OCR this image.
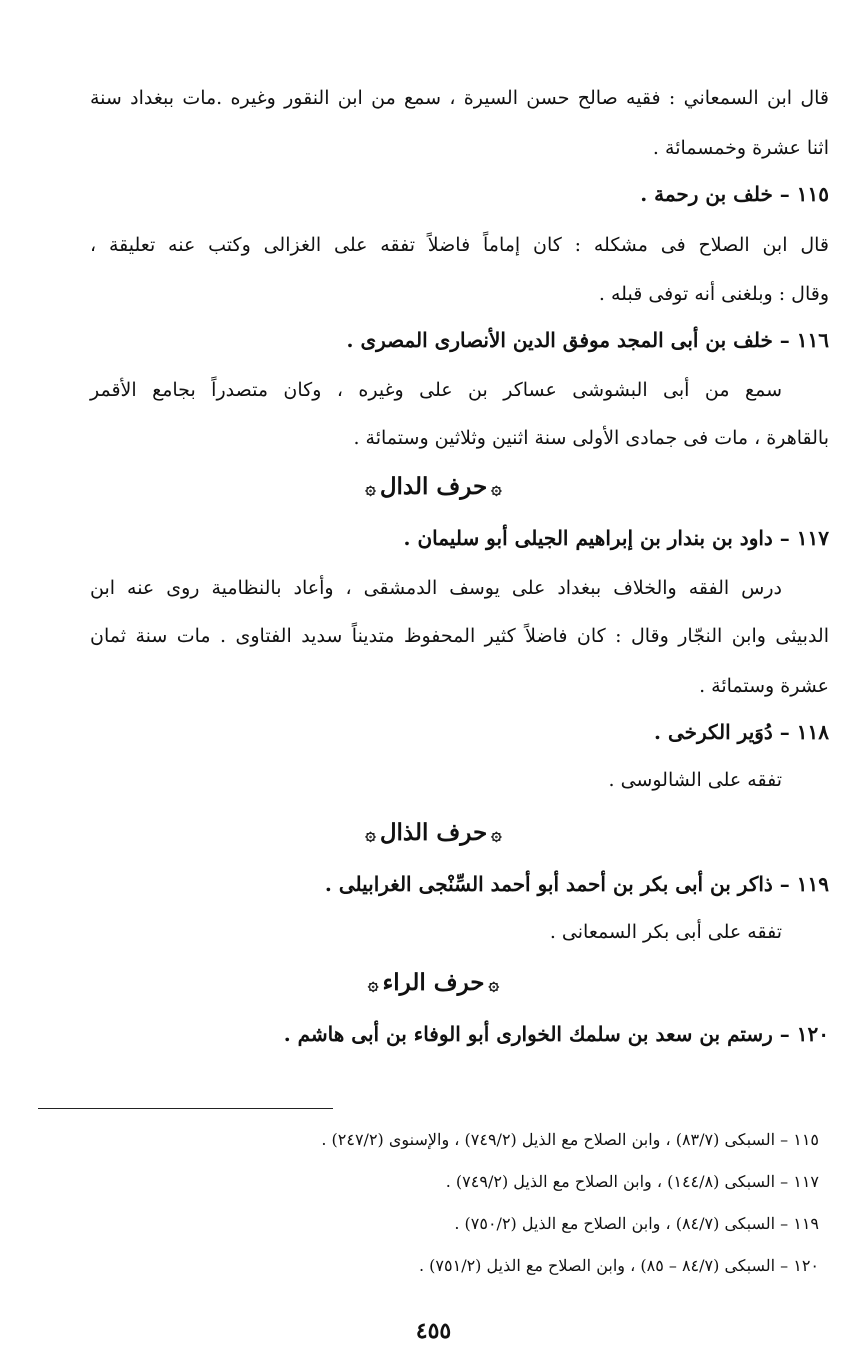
قال ابن السمعاني : فقيه صالح حسن السيرة ، سمع من ابن النقور وغيره .مات ببغداد سنة
اثنا عشرة وخمسمائة .
١١٥ – خلف بن رحمة .
قال ابن الصلاح فى مشكله : كان إماماً فاضلاً تفقه على الغزالى وكتب عنه تعليقة ،
وقال : وبلغنى أنه توفى قبله .
١١٦ – خلف بن أبى المجد موفق الدين الأنصارى المصرى .
سمع من أبى البشوشى عساكر بن على وغيره ، وكان متصدراً بجامع الأقمر
بالقاهرة ، مات فى جمادى الأولى سنة اثنين وثلاثين وستمائة .
۞حرف الدال۞
١١٧ – داود بن بندار بن إبراهيم الجيلى أبو سليمان .
درس الفقه والخلاف ببغداد على يوسف الدمشقى ، وأعاد بالنظامية روى عنه ابن
الدبيثى وابن النجّار وقال : كان فاضلاً كثير المحفوظ متديناً سديد الفتاوى . مات سنة ثمان
عشرة وستمائة .
١١٨ – دُوَير الكرخى .
تفقه على الشالوسى .
۞حرف الذال۞
١١٩ – ذاكر بن أبى بكر بن أحمد أبو أحمد السِّنْجى الغرابيلى .
تفقه على أبى بكر السمعانى .
۞حرف الراء۞
١٢٠ – رستم بن سعد بن سلمك الخوارى أبو الوفاء بن أبى هاشم .
١١٥ – السبكى (٨٣/٧) ، وابن الصلاح مع الذيل (٧٤٩/٢) ، والإسنوى (٢٤٧/٢) .
١١٧ – السبكى (١٤٤/٨) ، وابن الصلاح مع الذيل (٧٤٩/٢) .
١١٩ – السبكى (٨٤/٧) ، وابن الصلاح مع الذيل (٧٥٠/٢) .
١٢٠ – السبكى (٨٤/٧ – ٨٥) ، وابن الصلاح مع الذيل (٧٥١/٢) .
٤٥٥
